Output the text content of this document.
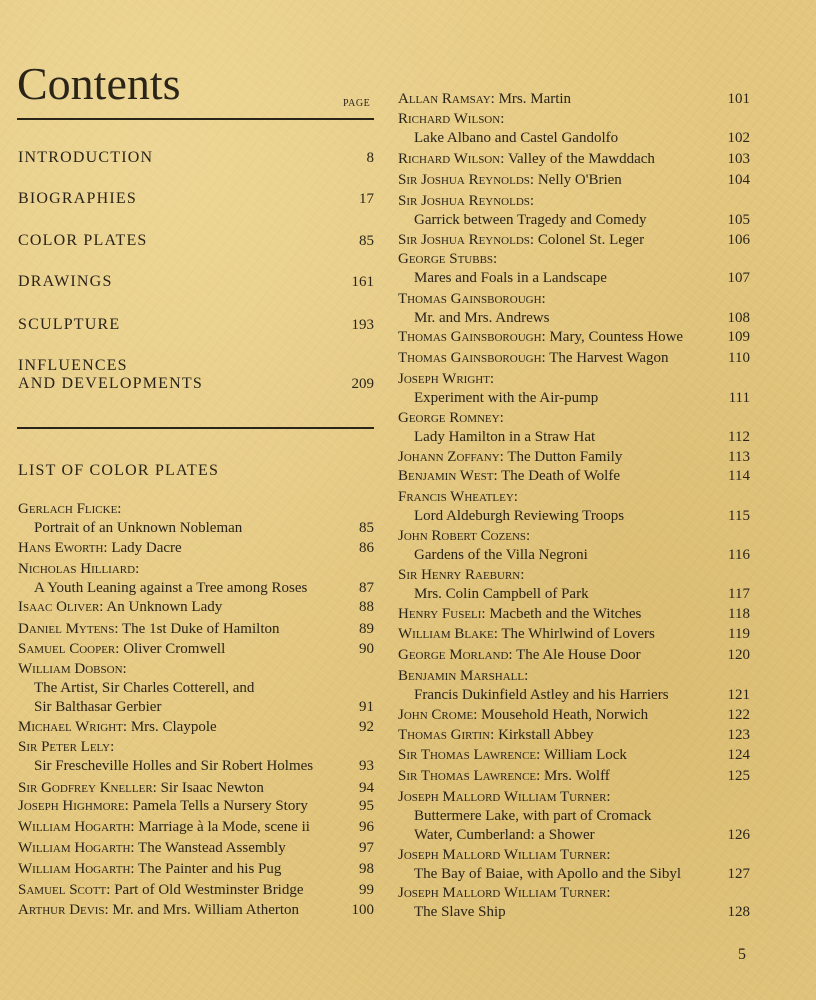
Contents	PAGE
INTRODUCTION	8
BIOGRAPHIES	17
COLOR PLATES	85
DRAWINGS	161
SCULPTURE	193
INFLUENCES
AND DEVELOPMENTS	209
LIST OF COLOR PLATES
Gerlach Flicke:
Portrait of an Unknown Nobleman	85
Hans Eworth: Lady Dacre	86
Nicholas Hilliard:
A Youth Leaning against a Tree among Roses	87
Isaac Oliver: An Unknown Lady	88
Daniel Mytens: The 1st Duke of Hamilton	89
Samuel Cooper: Oliver Cromwell	90
William Dobson:
The Artist, Sir Charles Cotterell, and
Sir Balthasar Gerbier	91
Michael Wright: Mrs. Claypole	92
Sir Peter Lely:
Sir Frescheville Holles and Sir Robert Holmes	93
Sir Godfrey Kneller: Sir Isaac Newton	94
Joseph Highmore: Pamela Tells a Nursery Story	95
William Hogarth: Marriage à la Mode, scene ii	96
William Hogarth: The Wanstead Assembly	97
William Hogarth: The Painter and his Pug	98
Samuel Scott: Part of Old Westminster Bridge	99
Arthur Devis: Mr. and Mrs. William Atherton	100
Allan Ramsay: Mrs. Martin	101
Richard Wilson:
Lake Albano and Castel Gandolfo	102
Richard Wilson: Valley of the Mawddach	103
Sir Joshua Reynolds: Nelly O'Brien	104
Sir Joshua Reynolds:
Garrick between Tragedy and Comedy	105
Sir Joshua Reynolds: Colonel St. Leger	106
George Stubbs:
Mares and Foals in a Landscape	107
Thomas Gainsborough:
Mr. and Mrs. Andrews	108
Thomas Gainsborough: Mary, Countess Howe	109
Thomas Gainsborough: The Harvest Wagon	110
Joseph Wright:
Experiment with the Air-pump	111
George Romney:
Lady Hamilton in a Straw Hat	112
Johann Zoffany: The Dutton Family	113
Benjamin West: The Death of Wolfe	114
Francis Wheatley:
Lord Aldeburgh Reviewing Troops	115
John Robert Cozens:
Gardens of the Villa Negroni	116
Sir Henry Raeburn:
Mrs. Colin Campbell of Park	117
Henry Fuseli: Macbeth and the Witches	118
William Blake: The Whirlwind of Lovers	119
George Morland: The Ale House Door	120
Benjamin Marshall:
Francis Dukinfield Astley and his Harriers	121
John Crome: Mousehold Heath, Norwich	122
Thomas Girtin: Kirkstall Abbey	123
Sir Thomas Lawrence: William Lock	124
Sir Thomas Lawrence: Mrs. Wolff	125
Joseph Mallord William Turner:
Buttermere Lake, with part of Cromack
Water, Cumberland: a Shower	126
Joseph Mallord William Turner:
The Bay of Baiae, with Apollo and the Sibyl	127
Joseph Mallord William Turner:
The Slave Ship	128
5
